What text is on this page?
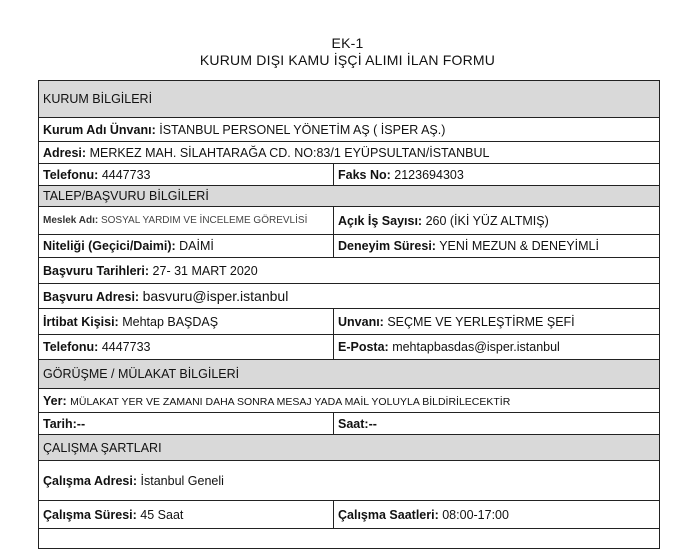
EK-1
KURUM DIŞI KAMU İŞÇİ ALIMI İLAN FORMU
KURUM BİLGİLERİ	
Kurum Adı Ünvanı: İSTANBUL PERSONEL YÖNETİM AŞ ( İSPER AŞ.)	
Adresi: MERKEZ MAH. SİLAHTARAĞA CD. NO:83/1 EYÜPSULTAN/İSTANBUL	
Telefonu: 4447733	Faks No: 2123694303
TALEP/BAŞVURU BİLGİLERİ	

Meslek Adı: SOSYAL YARDIM VE İNCELEME GÖREVLİSİ	Açık İş Sayısı: 260 (İKİ YÜZ ALTMIŞ)
Niteliği (Geçici/Daimi): DAİMİ	Deneyim Süresi: YENİ MEZUN & DENEYİMLİ
Başvuru Tarihleri: 27- 31 MART 2020	
Başvuru Adresi: basvuru@isper.istanbul	
İrtibat Kişisi: Mehtap BAŞDAŞ	Unvanı: SEÇME VE YERLEŞTİRME ŞEFİ
Telefonu: 4447733	E-Posta: mehtapbasdas@isper.istanbul
GÖRÜŞME / MÜLAKAT BİLGİLERİ	
Yer: MÜLAKAT YER VE ZAMANI DAHA SONRA MESAJ YADA MAİL YOLUYLA BİLDİRİLECEKTİR	
Tarih:--	Saat:--
ÇALIŞMA ŞARTLARI	
Çalışma Adresi: İstanbul Geneli	
Çalışma Süresi: 45 Saat	Çalışma Saatleri: 08:00-17:00
